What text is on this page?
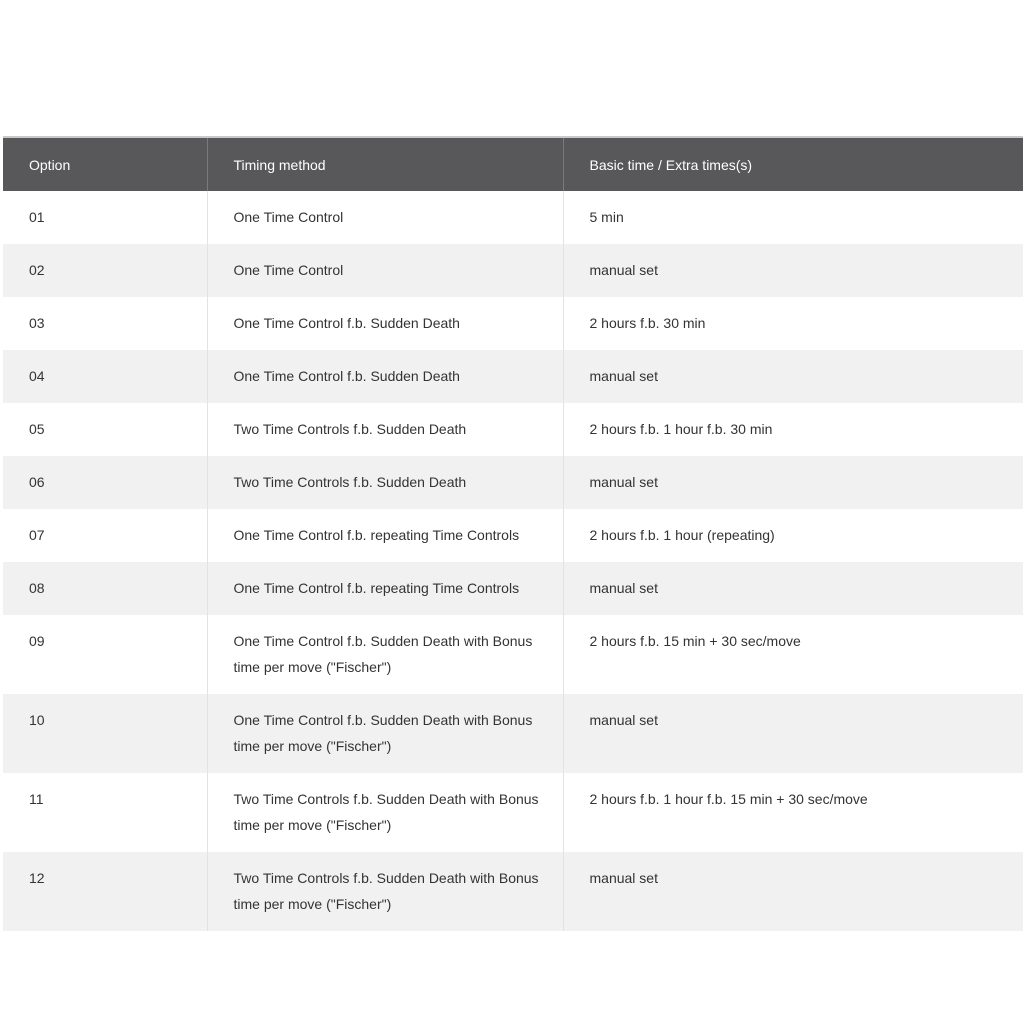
Option	Timing method	Basic time / Extra times(s)
01	One Time Control	5 min
02	One Time Control	manual set
03	One Time Control f.b. Sudden Death	2 hours f.b. 30 min
04	One Time Control f.b. Sudden Death	manual set
05	Two Time Controls f.b. Sudden Death	2 hours f.b. 1 hour f.b. 30 min
06	Two Time Controls f.b. Sudden Death	manual set
07	One Time Control f.b. repeating Time Controls	2 hours f.b. 1 hour (repeating)
08	One Time Control f.b. repeating Time Controls	manual set
09	One Time Control f.b. Sudden Death with Bonus time per move ("Fischer")	2 hours f.b. 15 min + 30 sec/move
10	One Time Control f.b. Sudden Death with Bonus time per move ("Fischer")	manual set
11	Two Time Controls f.b. Sudden Death with Bonus time per move ("Fischer")	2 hours f.b. 1 hour f.b. 15 min + 30 sec/move
12	Two Time Controls f.b. Sudden Death with Bonus time per move ("Fischer")	manual set
